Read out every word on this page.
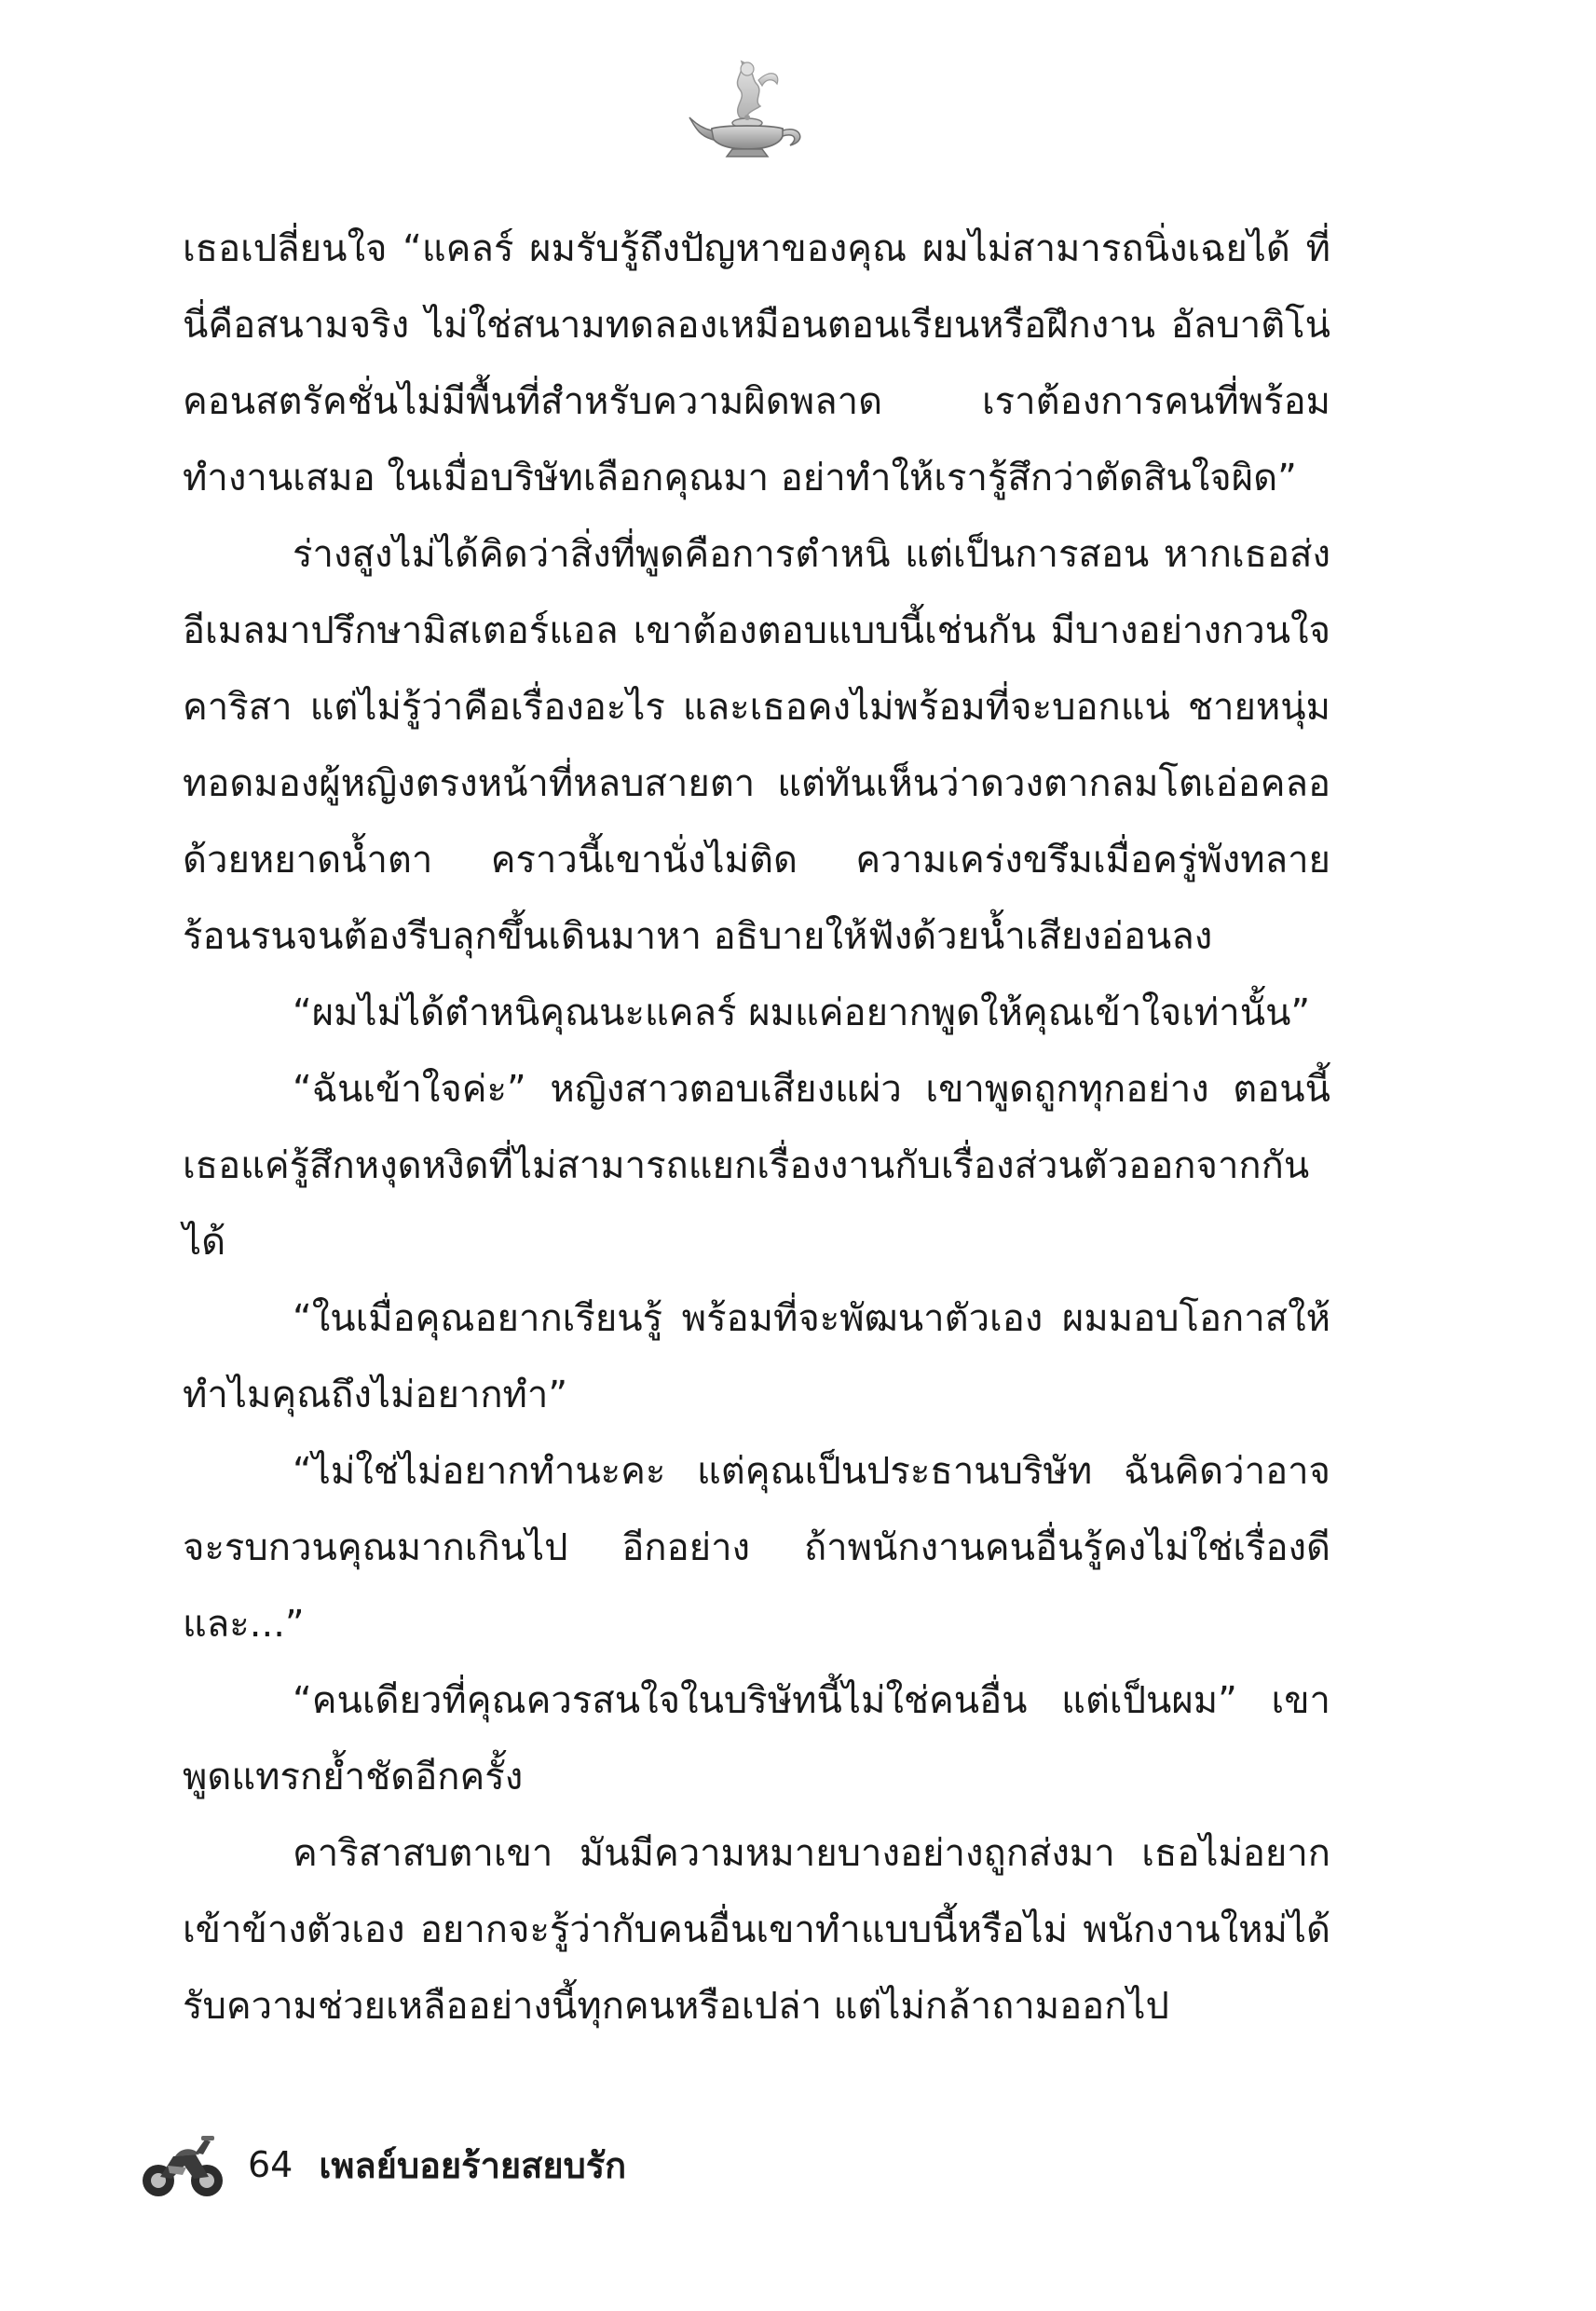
เธอเปลี่ยนใจ “แคลร์ ผมรับรู้ถึงปัญหาของคุณ ผมไม่สามารถนิ่งเฉยได้ ที่นี่คือสนามจริง ไม่ใช่สนามทดลองเหมือนตอนเรียนหรือฝึกงาน อัลบาติโน่คอนสตรัคชั่นไม่มีพื้นที่สำหรับความผิดพลาด เราต้องการคนที่พร้อมทำงานเสมอ ในเมื่อบริษัทเลือกคุณมา อย่าทำให้เรารู้สึกว่าตัดสินใจผิด”

ร่างสูงไม่ได้คิดว่าสิ่งที่พูดคือการตำหนิ แต่เป็นการสอน หากเธอส่งอีเมลมาปรึกษามิสเตอร์แอล เขาต้องตอบแบบนี้เช่นกัน มีบางอย่างกวนใจคาริสา แต่ไม่รู้ว่าคือเรื่องอะไร และเธอคงไม่พร้อมที่จะบอกแน่ ชายหนุ่มทอดมองผู้หญิงตรงหน้าที่หลบสายตา แต่ทันเห็นว่าดวงตากลมโตเอ่อคลอด้วยหยาดน้ำตา คราวนี้เขานั่งไม่ติด ความเคร่งขรึมเมื่อครู่พังทลาย ร้อนรนจนต้องรีบลุกขึ้นเดินมาหา อธิบายให้ฟังด้วยน้ำเสียงอ่อนลง

“ผมไม่ได้ตำหนิคุณนะแคลร์ ผมแค่อยากพูดให้คุณเข้าใจเท่านั้น”

“ฉันเข้าใจค่ะ” หญิงสาวตอบเสียงแผ่ว เขาพูดถูกทุกอย่าง ตอนนี้เธอแค่รู้สึกหงุดหงิดที่ไม่สามารถแยกเรื่องงานกับเรื่องส่วนตัวออกจากกันได้

“ในเมื่อคุณอยากเรียนรู้ พร้อมที่จะพัฒนาตัวเอง ผมมอบโอกาสให้ ทำไมคุณถึงไม่อยากทำ”

“ไม่ใช่ไม่อยากทำนะคะ แต่คุณเป็นประธานบริษัท ฉันคิดว่าอาจจะรบกวนคุณมากเกินไป อีกอย่าง ถ้าพนักงานคนอื่นรู้คงไม่ใช่เรื่องดี และ...”

“คนเดียวที่คุณควรสนใจในบริษัทนี้ไม่ใช่คนอื่น แต่เป็นผม” เขาพูดแทรกย้ำชัดอีกครั้ง

คาริสาสบตาเขา มันมีความหมายบางอย่างถูกส่งมา เธอไม่อยากเข้าข้างตัวเอง อยากจะรู้ว่ากับคนอื่นเขาทำแบบนี้หรือไม่ พนักงานใหม่ได้รับความช่วยเหลืออย่างนี้ทุกคนหรือเปล่า แต่ไม่กล้าถามออกไป

64 เพลย์บอยร้ายสยบรัก
